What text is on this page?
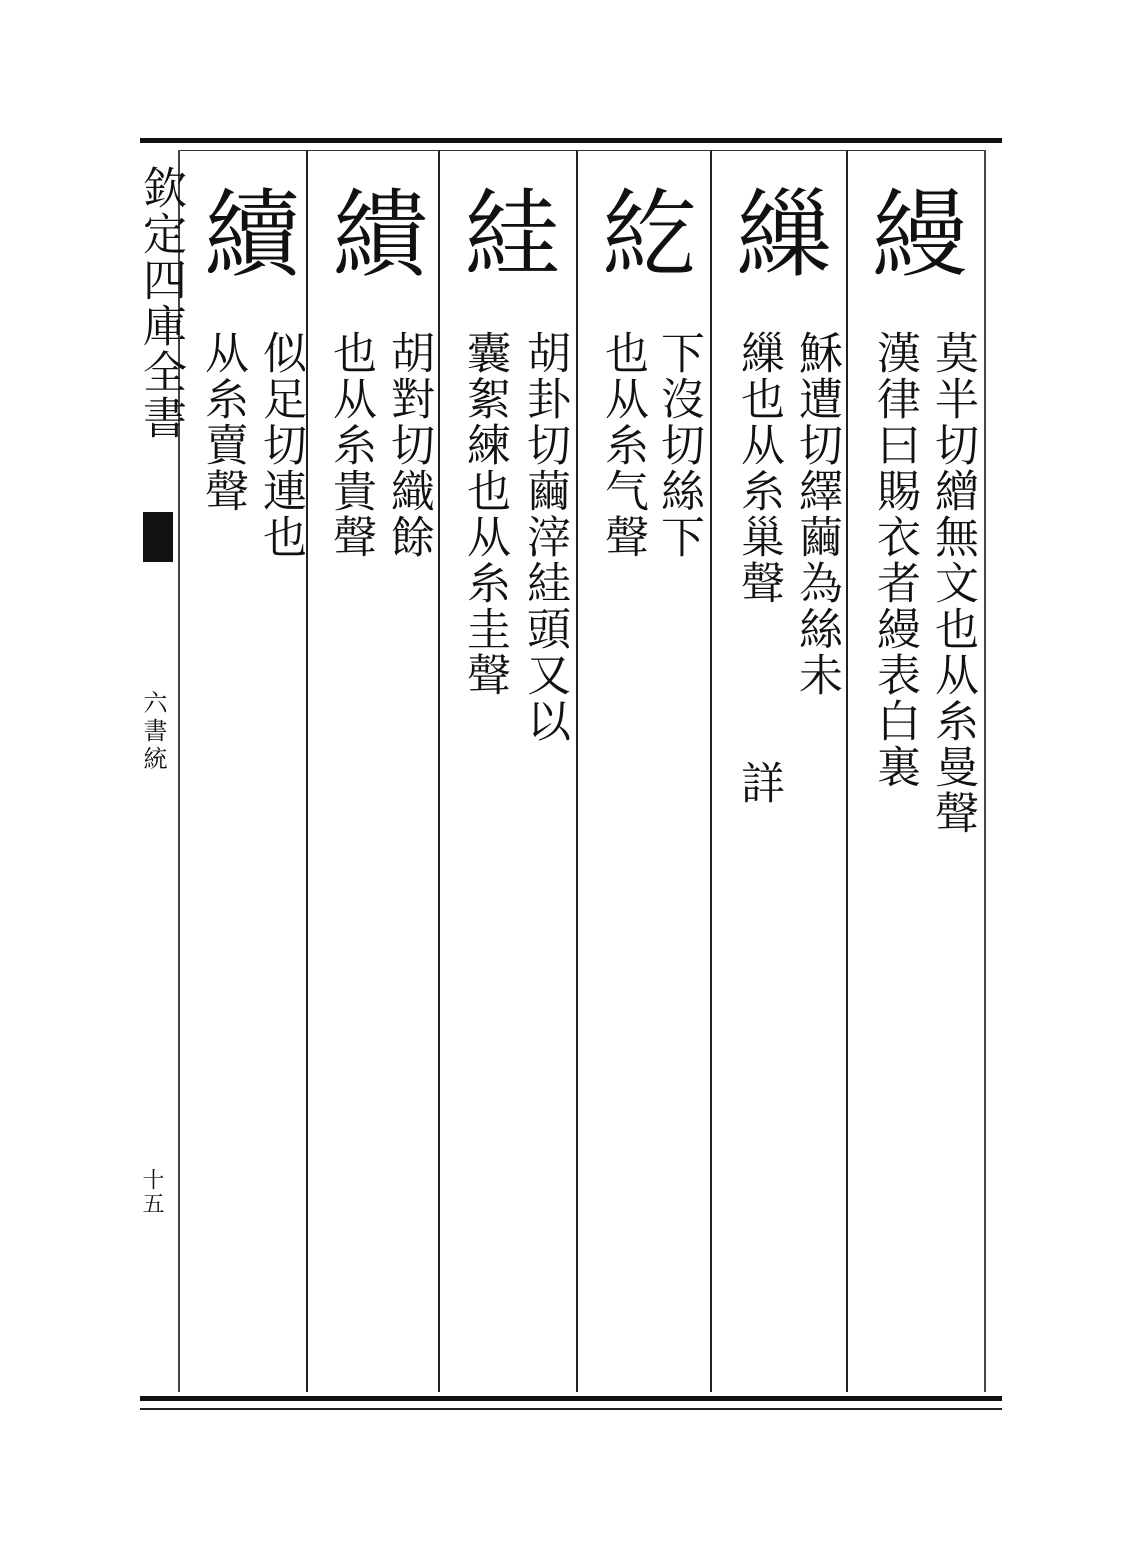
欽定四庫全書
六書統
十五
縵
莫半切繒無文也从糸曼聲
漢律曰賜衣者縵表白裏
繅
穌遭切繹繭為絲未
繅也从糸巢聲
詳
紇
下沒切絲下
也从糸气聲
絓
胡卦切繭滓絓頭又以
囊絮練也从糸圭聲
繢
胡對切織餘
也从糸貴聲
續
似足切連也
从糸賣聲
